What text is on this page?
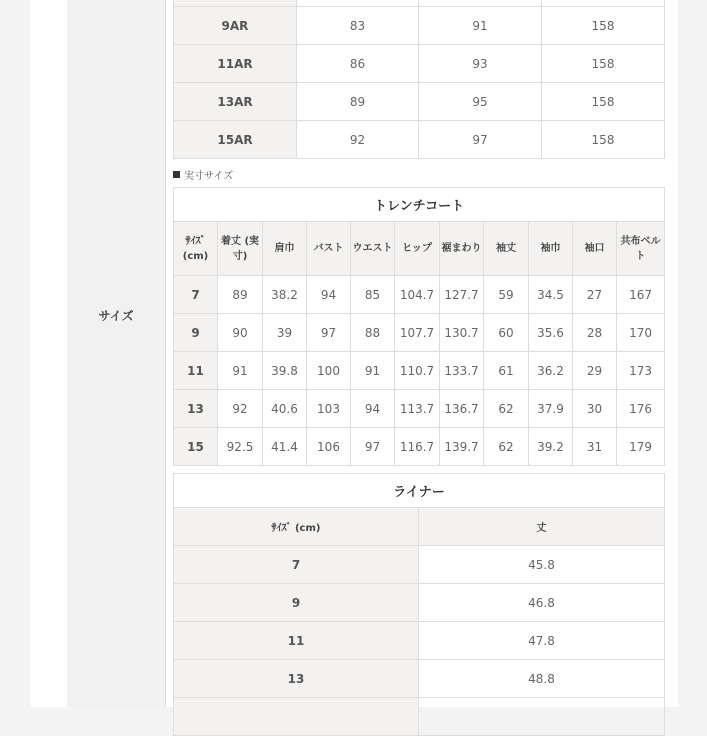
サイズ

9AR	83	91	158
11AR	86	93	158
13AR	89	95	158
15AR	92	97	158
実寸サイズ
トレンチコート										
ｻｲｽﾞ (cm)	着丈 (実寸)	肩巾	バスト	ウエスト	ヒップ	裾まわり	袖丈	袖巾	袖口	共布ベルト
7	89	38.2	94	85	104.7	127.7	59	34.5	27	167
9	90	39	97	88	107.7	130.7	60	35.6	28	170
11	91	39.8	100	91	110.7	133.7	61	36.2	29	173
13	92	40.6	103	94	113.7	136.7	62	37.9	30	176
15	92.5	41.4	106	97	116.7	139.7	62	39.2	31	179
ライナー	
ｻｲｽﾞ (cm)	丈
7	45.8
9	46.8
11	47.8
13	48.8
